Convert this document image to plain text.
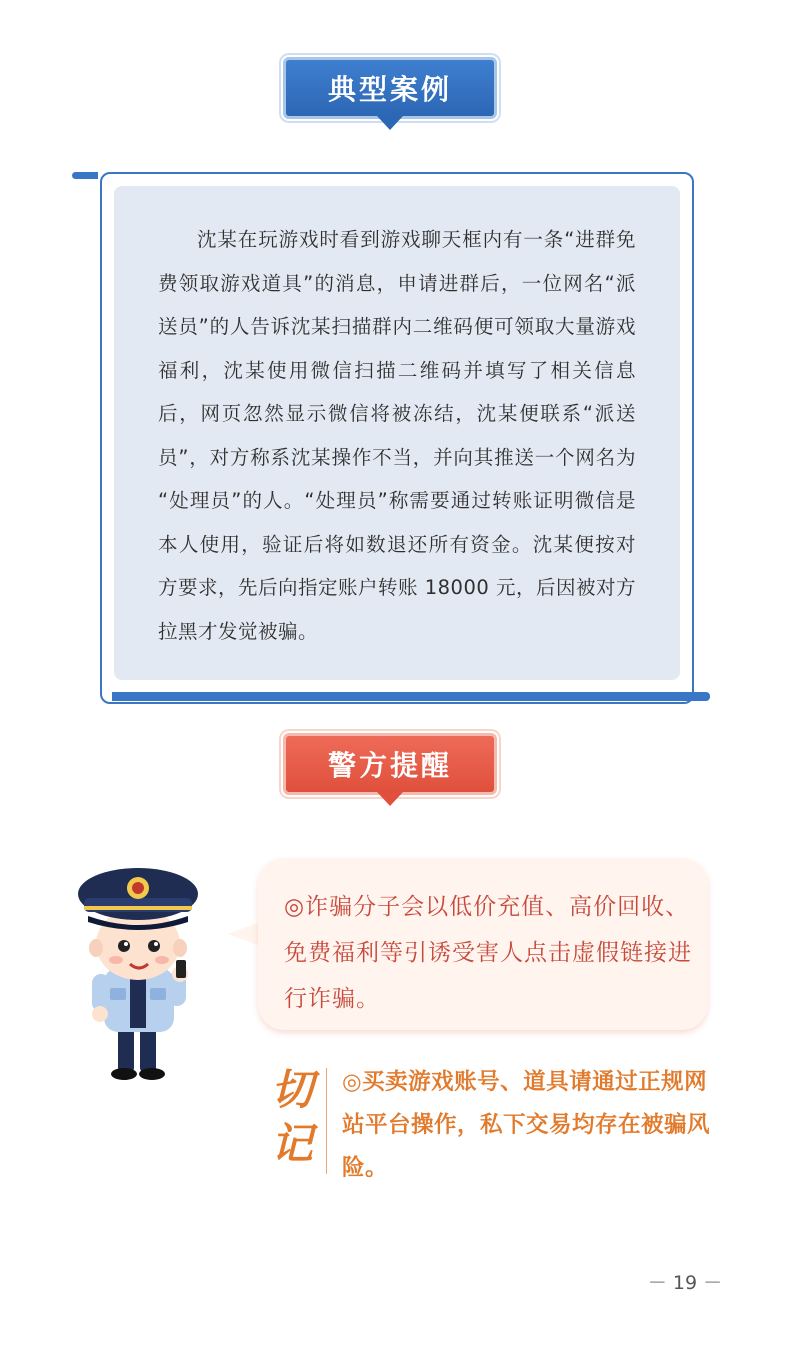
典型案例

沈某在玩游戏时看到游戏聊天框内有一条“进群免费领取游戏道具”的消息，申请进群后，一位网名“派送员”的人告诉沈某扫描群内二维码便可领取大量游戏福利，沈某使用微信扫描二维码并填写了相关信息后，网页忽然显示微信将被冻结，沈某便联系“派送员”，对方称系沈某操作不当，并向其推送一个网名为 “处理员”的人。“处理员”称需要通过转账证明微信是本人使用，验证后将如数退还所有资金。沈某便按对方要求，先后向指定账户转账 18000 元，后因被对方拉黑才发觉被骗。

警方提醒

◎诈骗分子会以低价充值、高价回收、免费福利等引诱受害人点击虚假链接进行诈骗。

切
记

◎买卖游戏账号、道具请通过正规网站平台操作，私下交易均存在被骗风险。

－ 19 －
